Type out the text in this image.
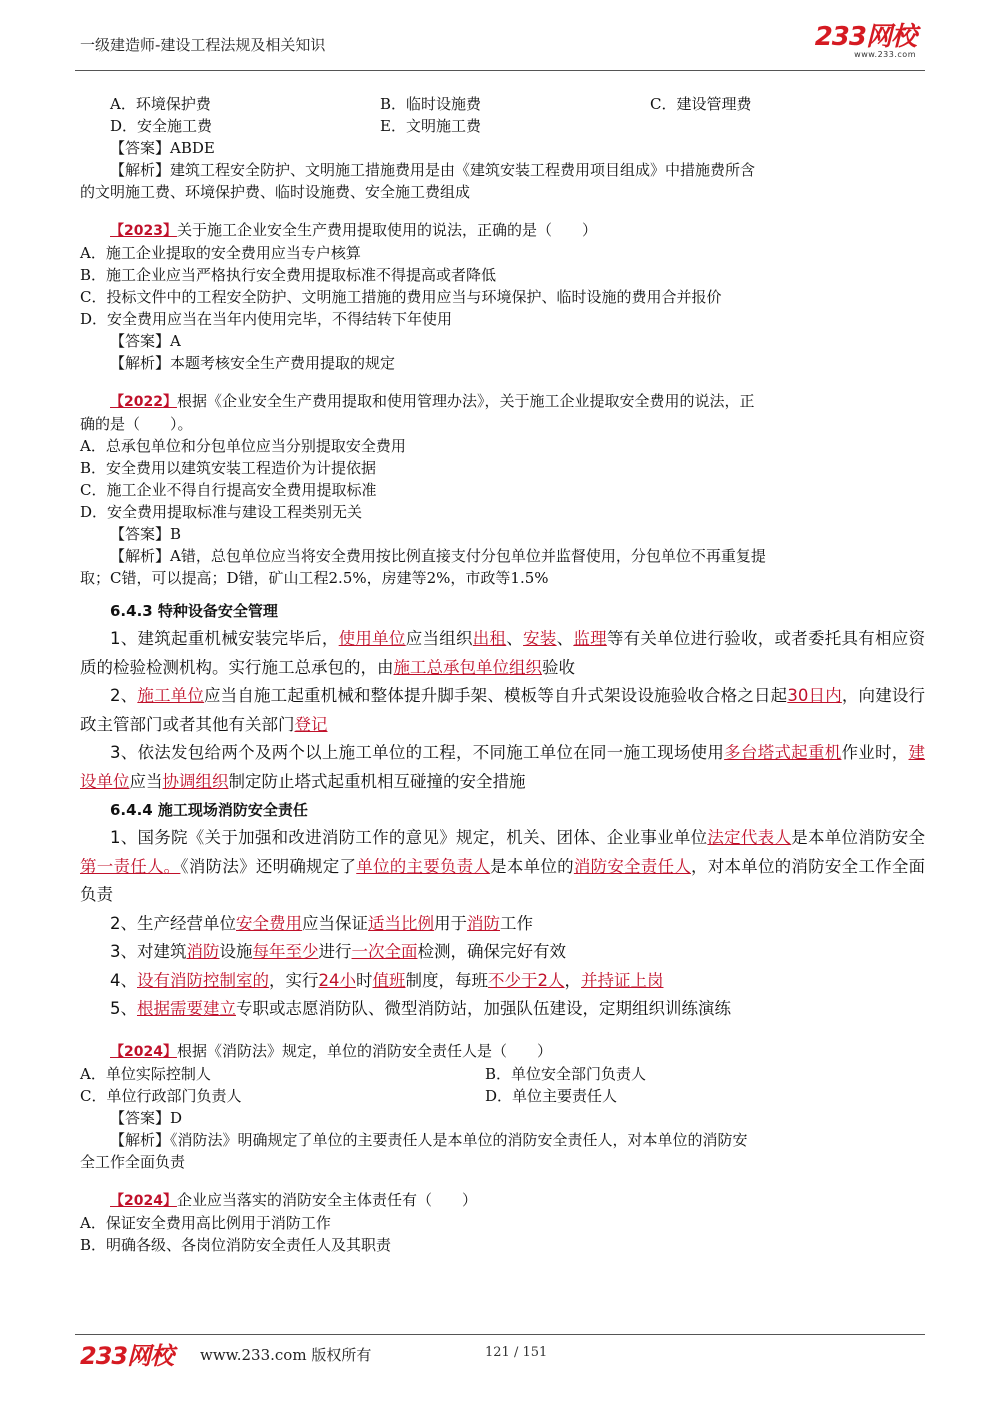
一级建造师-建设工程法规及相关知识	233网校
www.233.com
A．环境保护费	B．临时设施费	C．建设管理费
D．安全施工费	E．文明施工费
【答案】ABDE
【解析】建筑工程安全防护、文明施工措施费用是由《建筑安装工程费用项目组成》中措施费所含
的文明施工费、环境保护费、临时设施费、安全施工费组成
【2023】关于施工企业安全生产费用提取使用的说法，正确的是（　　）
A．施工企业提取的安全费用应当专户核算
B．施工企业应当严格执行安全费用提取标准不得提高或者降低
C．投标文件中的工程安全防护、文明施工措施的费用应当与环境保护、临时设施的费用合并报价
D．安全费用应当在当年内使用完毕，不得结转下年使用
【答案】A
【解析】本题考核安全生产费用提取的规定
【2022】根据《企业安全生产费用提取和使用管理办法》，关于施工企业提取安全费用的说法，正
确的是（　　）。
A．总承包单位和分包单位应当分别提取安全费用
B．安全费用以建筑安装工程造价为计提依据
C．施工企业不得自行提高安全费用提取标准
D．安全费用提取标准与建设工程类别无关
【答案】B
【解析】A错，总包单位应当将安全费用按比例直接支付分包单位并监督使用，分包单位不再重复提
取；C错，可以提高；D错，矿山工程2.5%，房建等2%，市政等1.5%
6.4.3 特种设备安全管理
1、建筑起重机械安装完毕后，使用单位应当组织出租、安装、监理等有关单位进行验收，或者委托具有相应资质的检验检测机构。实行施工总承包的，由施工总承包单位组织验收
2、施工单位应当自施工起重机械和整体提升脚手架、模板等自升式架设设施验收合格之日起30日内，向建设行政主管部门或者其他有关部门登记
3、依法发包给两个及两个以上施工单位的工程，不同施工单位在同一施工现场使用多台塔式起重机作业时，建设单位应当协调组织制定防止塔式起重机相互碰撞的安全措施
6.4.4 施工现场消防安全责任
1、国务院《关于加强和改进消防工作的意见》规定，机关、团体、企业事业单位法定代表人是本单位消防安全第一责任人。《消防法》还明确规定了单位的主要负责人是本单位的消防安全责任人，对本单位的消防安全工作全面负责
2、生产经营单位安全费用应当保证适当比例用于消防工作
3、对建筑消防设施每年至少进行一次全面检测，确保完好有效
4、设有消防控制室的，实行24小时值班制度，每班不少于2人，并持证上岗
5、根据需要建立专职或志愿消防队、微型消防站，加强队伍建设，定期组织训练演练
【2024】根据《消防法》规定，单位的消防安全责任人是（　　）
A．单位实际控制人	B．单位安全部门负责人
C．单位行政部门负责人	D．单位主要责任人
【答案】D
【解析】《消防法》明确规定了单位的主要责任人是本单位的消防安全责任人，对本单位的消防安
全工作全面负责
【2024】企业应当落实的消防安全主体责任有（　　）
A．保证安全费用高比例用于消防工作
B．明确各级、各岗位消防安全责任人及其职责
233网校 www.233.com 版权所有	121 / 151
